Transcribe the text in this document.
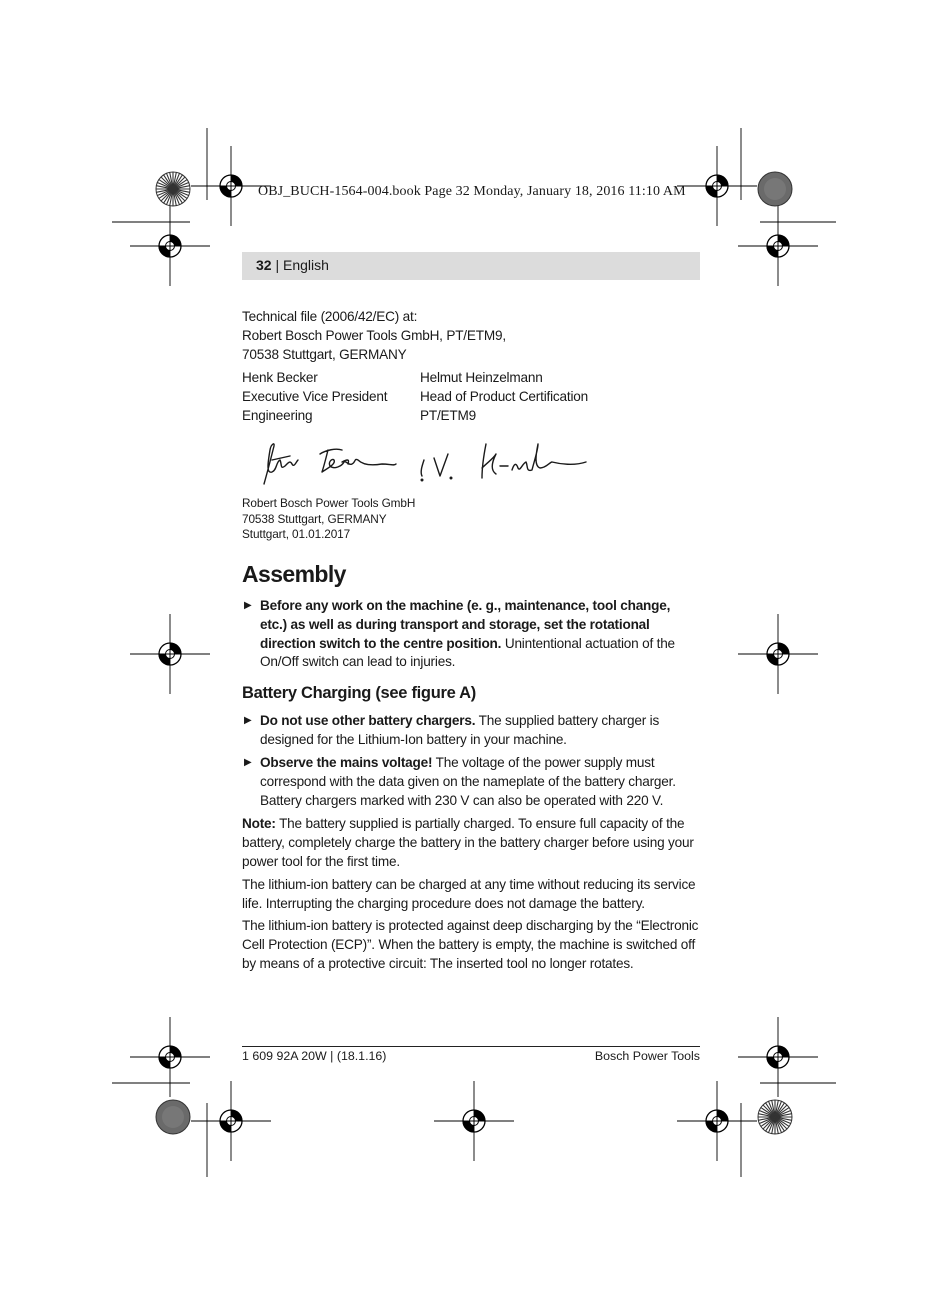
OBJ_BUCH-1564-004.book Page 32 Monday, January 18, 2016 11:10 AM
32 | English
Technical file (2006/42/EC) at:
Robert Bosch Power Tools GmbH, PT/ETM9,
70538 Stuttgart, GERMANY
Henk Becker
Executive Vice President
Engineering
Helmut Heinzelmann
Head of Product Certification
PT/ETM9
Robert Bosch Power Tools GmbH
70538 Stuttgart, GERMANY
Stuttgart, 01.01.2017
Assembly
▶ Before any work on the machine (e. g., maintenance, tool change, etc.) as well as during transport and storage, set the rotational direction switch to the centre position. Unintentional actuation of the On/Off switch can lead to injuries.
Battery Charging (see figure A)
▶ Do not use other battery chargers. The supplied battery charger is designed for the Lithium-Ion battery in your machine.
▶ Observe the mains voltage! The voltage of the power supply must correspond with the data given on the nameplate of the battery charger. Battery chargers marked with 230 V can also be operated with 220 V.
Note: The battery supplied is partially charged. To ensure full capacity of the battery, completely charge the battery in the battery charger before using your power tool for the first time.
The lithium-ion battery can be charged at any time without reducing its service life. Interrupting the charging procedure does not damage the battery.
The lithium-ion battery is protected against deep discharging by the “Electronic Cell Protection (ECP)”. When the battery is empty, the machine is switched off by means of a protective circuit: The inserted tool no longer rotates.
1 609 92A 20W | (18.1.16)	Bosch Power Tools
